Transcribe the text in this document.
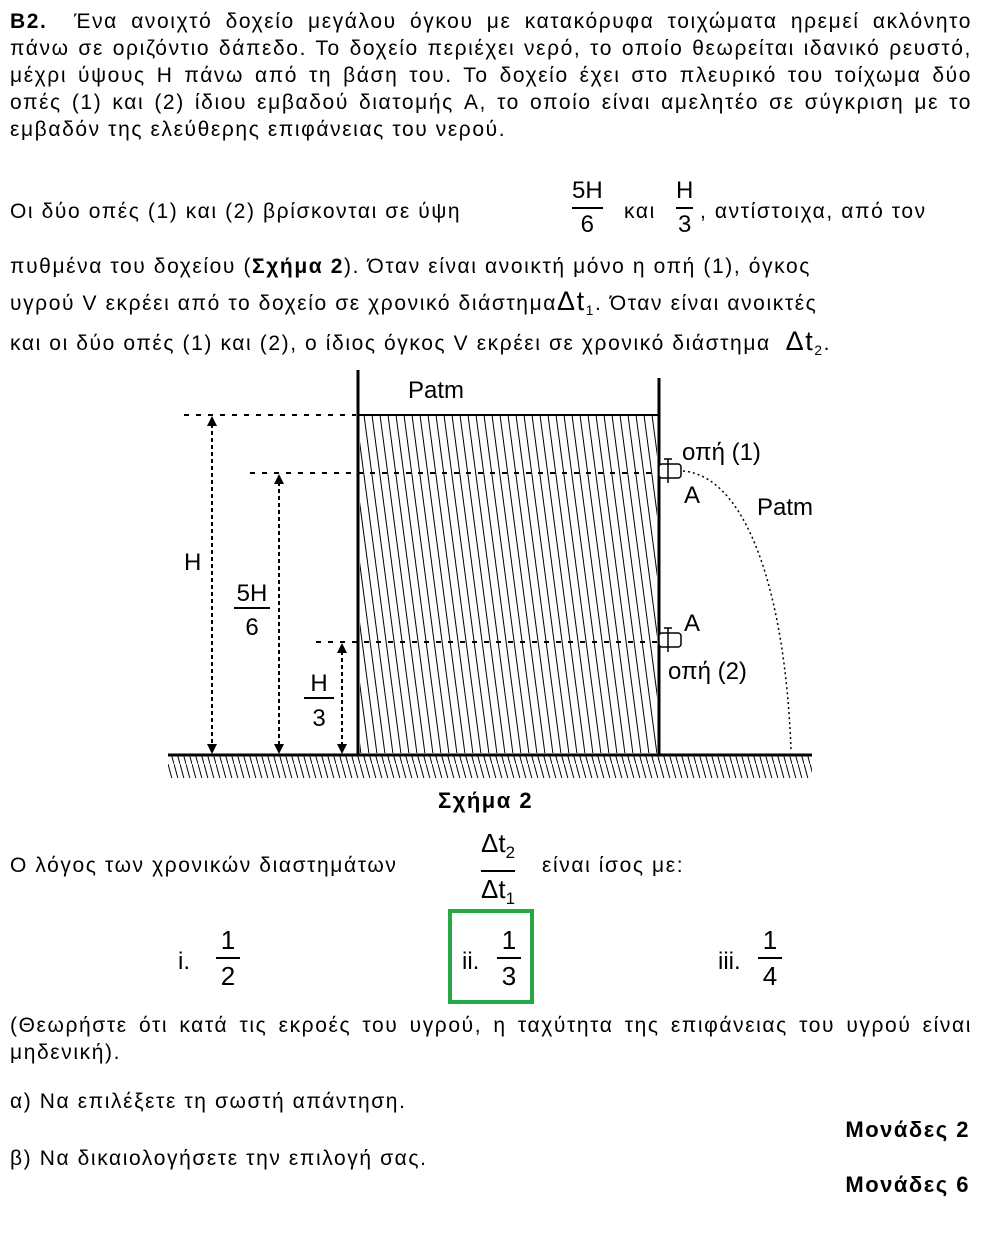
Β2. Ένα ανοιχτό δοχείο μεγάλου όγκου με κατακόρυφα τοιχώματα ηρεμεί ακλόνητο πάνω σε οριζόντιο δάπεδο. Το δοχείο περιέχει νερό, το οποίο θεωρείται ιδανικό ρευστό, μέχρι ύψους H πάνω από τη βάση του. Το δοχείο έχει στο πλευρικό του τοίχωμα δύο οπές (1) και (2) ίδιου εμβαδού διατομής A, το οποίο είναι αμελητέο σε σύγκριση με το εμβαδόν της ελεύθερης επιφάνειας του νερού.

Οι δύο οπές (1) και (2) βρίσκονται σε ύψη
5H
6 και
H
3 , αντίστοιχα, από τον
πυθμένα του δοχείου (Σχήμα 2). Όταν είναι ανοικτή μόνο η οπή (1), όγκος
υγρού V εκρέει από το δοχείο σε χρονικό διάστημαΔt$_1$. Όταν είναι ανοικτές
και οι δύο οπές (1) και (2), ο ίδιος όγκος V εκρέει σε χρονικό διάστημα $\Delta t_2$.
Patm
Patm
οπή (1)
A
A
οπή (2)
H
5H
6
H
3
Σχήμα 2
Ο λόγος των χρονικών διαστημάτων
$\Delta t_2$
$\Delta t_1$
είναι ίσος με:
i.
1
2	ii.
1
3	iii.
1
4

(Θεωρήστε ότι κατά τις εκροές του υγρού, η ταχύτητα της επιφάνειας του υγρού είναι μηδενική).

α) Να επιλέξετε τη σωστή απάντηση.
Μονάδες 2
β) Να δικαιολογήσετε την επιλογή σας.
Μονάδες 6
